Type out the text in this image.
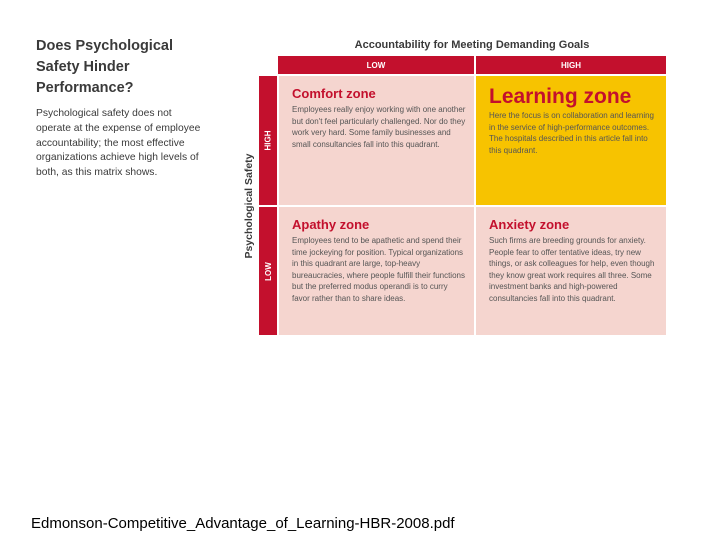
Does Psychological Safety Hinder Performance?

Psychological safety does not operate at the expense of employee accountability; the most effective organizations achieve high levels of both, as this matrix shows.

Accountability for Meeting Demanding Goals
LOW	HIGH
Psychological Safety
HIGH
LOW
Comfort zone

Employees really enjoy working with one another but don't feel particularly challenged. Nor do they work very hard. Some family businesses and small consultancies fall into this quadrant.

Learning zone

Here the focus is on collaboration and learning in the service of high-performance outcomes. The hospitals described in this article fall into this quadrant.

Apathy zone

Employees tend to be apathetic and spend their time jockeying for position. Typical organizations in this quadrant are large, top-heavy bureaucracies, where people fulfill their functions but the preferred modus operandi is to curry favor rather than to share ideas.

Anxiety zone

Such firms are breeding grounds for anxiety. People fear to offer tentative ideas, try new things, or ask colleagues for help, even though they know great work requires all three. Some investment banks and high-powered consultancies fall into this quadrant.

Edmonson-Competitive_Advantage_of_Learning-HBR-2008.pdf
